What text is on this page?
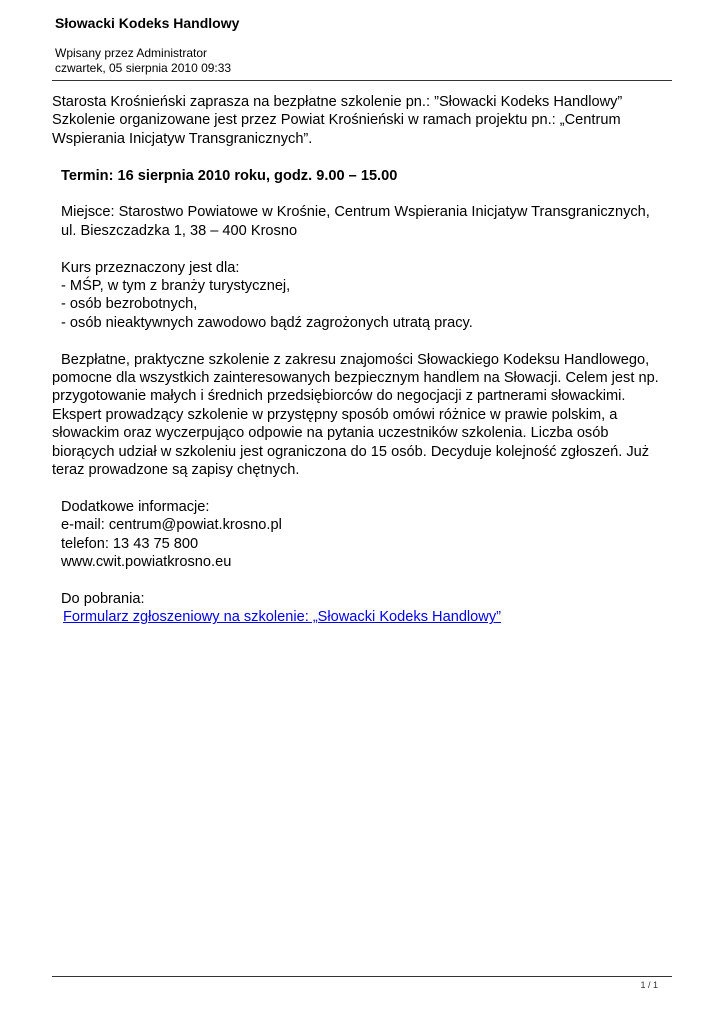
Słowacki Kodeks Handlowy
Wpisany przez Administrator
czwartek, 05 sierpnia 2010 09:33

Starosta Krośnieński zaprasza na bezpłatne szkolenie pn.: ”Słowacki Kodeks Handlowy” Szkolenie organizowane jest przez Powiat Krośnieński w ramach projektu pn.: „Centrum Wspierania Inicjatyw Transgranicznych”.

Termin: 16 sierpnia 2010 roku, godz. 9.00 – 15.00

Miejsce: Starostwo Powiatowe w Krośnie, Centrum Wspierania Inicjatyw Transgranicznych,

ul. Bieszczadzka 1, 38 – 400 Krosno

Kurs przeznaczony jest dla:

- MŚP, w tym z branży turystycznej,

- osób bezrobotnych,

- osób nieaktywnych zawodowo bądź zagrożonych utratą pracy.

Bezpłatne, praktyczne szkolenie z zakresu znajomości Słowackiego Kodeksu Handlowego, pomocne dla wszystkich zainteresowanych bezpiecznym handlem na Słowacji. Celem jest np. przygotowanie małych i średnich przedsiębiorców do negocjacji z partnerami słowackimi. Ekspert prowadzący szkolenie w przystępny sposób omówi różnice w prawie polskim, a słowackim oraz wyczerpująco odpowie na pytania uczestników szkolenia. Liczba osób biorących udział w szkoleniu jest ograniczona do 15 osób. Decyduje kolejność zgłoszeń. Już teraz prowadzone są zapisy chętnych.

Dodatkowe informacje:

e-mail: centrum@powiat.krosno.pl

telefon: 13 43 75 800

www.cwit.powiatkrosno.eu

Do pobrania:

Formularz zgłoszeniowy na szkolenie: „Słowacki Kodeks Handlowy”

1 / 1
